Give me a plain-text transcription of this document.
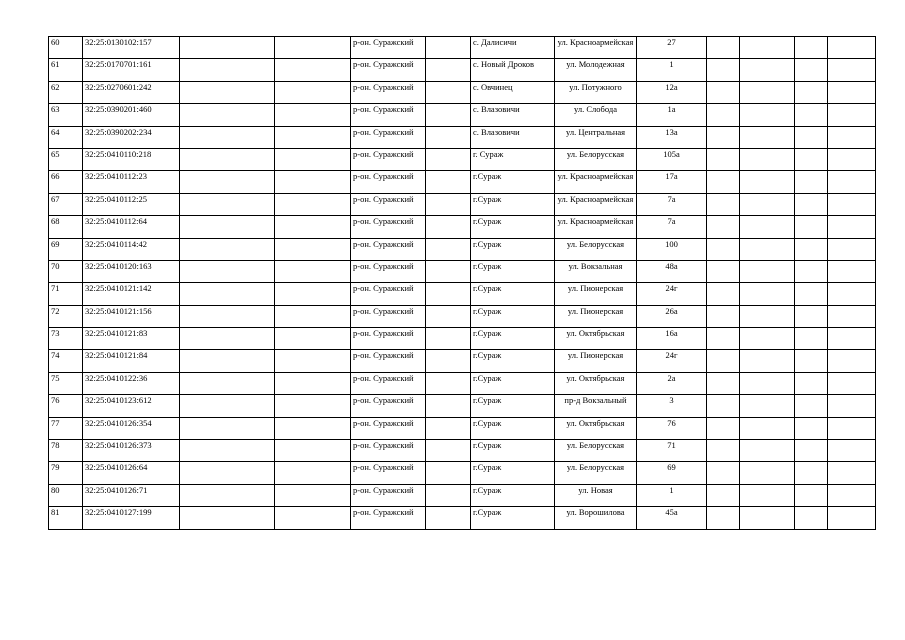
60	32:25:0130102:157			р-он. Суражский		с. Далисичи	ул. Красноармейская	27				
61	32:25:0170701:161			р-он. Суражский		с. Новый Дроков	ул. Молодежная	1				
62	32:25:0270601:242			р-он. Суражский		с. Овчинец	ул. Потужного	12а				
63	32:25:0390201:460			р-он. Суражский		с. Влазовичи	ул. Слобода	1а				
64	32:25:0390202:234			р-он. Суражский		с. Влазовичи	ул. Центральная	13а				
65	32:25:0410110:218			р-он. Суражский		г. Сураж	ул. Белорусская	105а				
66	32:25:0410112:23			р-он. Суражский		г.Сураж	ул. Красноармейская	17а				
67	32:25:0410112:25			р-он. Суражский		г.Сураж	ул. Красноармейская	7а				
68	32:25:0410112:64			р-он. Суражский		г.Сураж	ул. Красноармейская	7а				
69	32:25:0410114:42			р-он. Суражский		г.Сураж	ул. Белорусская	100				
70	32:25:0410120:163			р-он. Суражский		г.Сураж	ул. Вокзальная	48а				
71	32:25:0410121:142			р-он. Суражский		г.Сураж	ул. Пионерская	24г				
72	32:25:0410121:156			р-он. Суражский		г.Сураж	ул. Пионерская	26а				
73	32:25:0410121:83			р-он. Суражский		г.Сураж	ул. Октябрьская	16а				
74	32:25:0410121:84			р-он. Суражский		г.Сураж	ул. Пионерская	24г				
75	32:25:0410122:36			р-он. Суражский		г.Сураж	ул. Октябрьская	2а				
76	32:25:0410123:612			р-он. Суражский		г.Сураж	пр-д Вокзальный	3				
77	32:25:0410126:354			р-он. Суражский		г.Сураж	ул. Октябрьская	76				
78	32:25:0410126:373			р-он. Суражский		г.Сураж	ул. Белорусская	71				
79	32:25:0410126:64			р-он. Суражский		г.Сураж	ул. Белорусская	69				
80	32:25:0410126:71			р-он. Суражский		г.Сураж	ул. Новая	1				
81	32:25:0410127:199			р-он. Суражский		г.Сураж	ул. Ворошилова	45а				
